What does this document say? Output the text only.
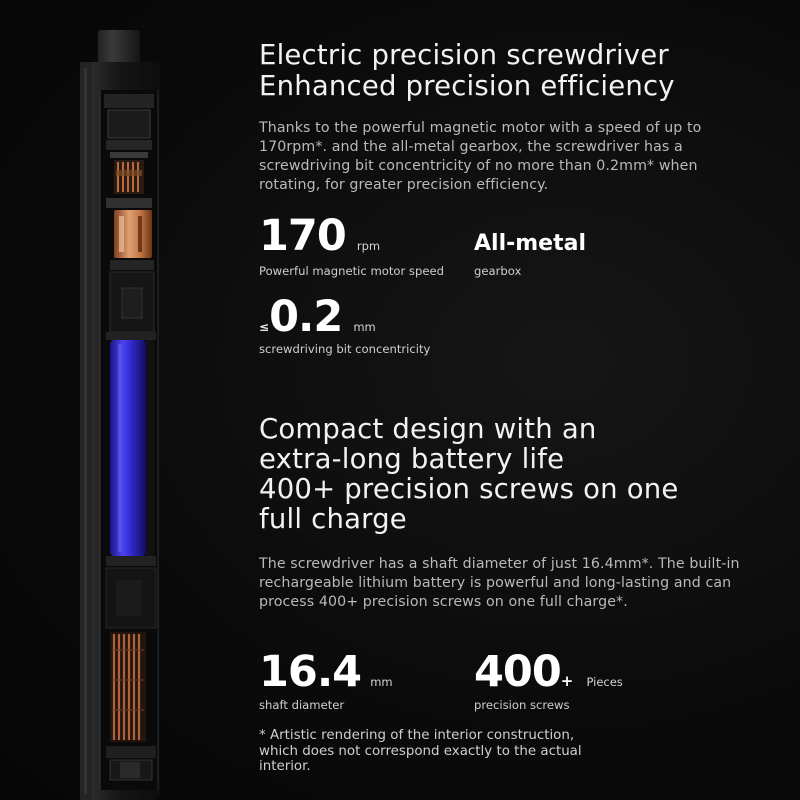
Electric precision screwdriver
Enhanced precision efficiency
Thanks to the powerful magnetic motor with a speed of up to
170rpm*. and the all-metal gearbox, the screwdriver has a
screwdriving bit concentricity of no more than 0.2mm* when
rotating, for greater precision efficiency.
170 rpm
Powerful magnetic motor speed
All-metal
gearbox
≤0.2 mm
screwdriving bit concentricity
Compact design with an
extra-long battery life
400+ precision screws on one
full charge
The screwdriver has a shaft diameter of just 16.4mm*. The built-in
rechargeable lithium battery is powerful and long-lasting and can
process 400+ precision screws on one full charge*.
16.4 mm
shaft diameter
400+ Pieces
precision screws
* Artistic rendering of the interior construction,
which does not correspond exactly to the actual
interior.
